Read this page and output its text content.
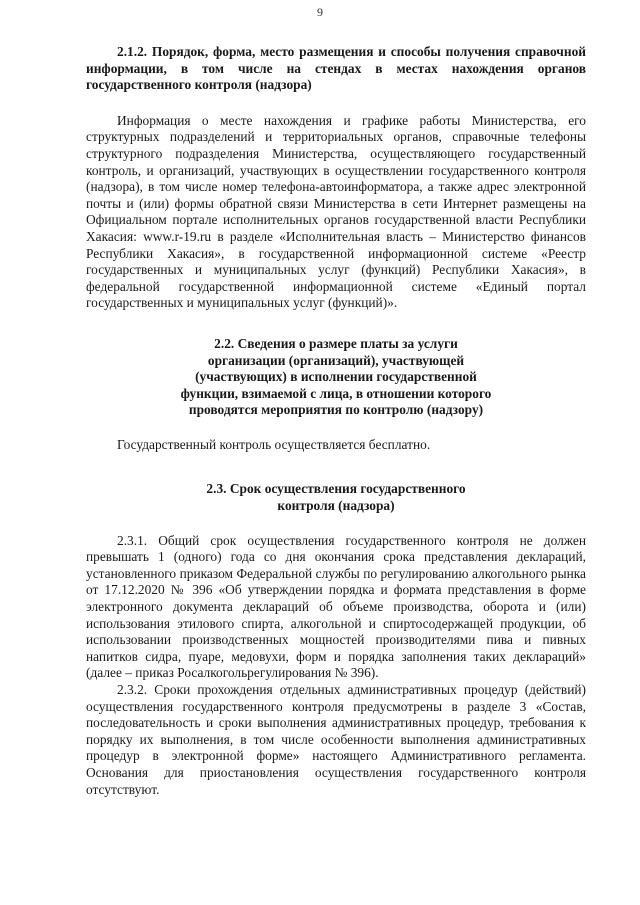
9

2.1.2. Порядок, форма, место размещения и способы получения справочной информации, в том числе на стендах в местах нахождения органов государственного контроля (надзора)

Информация о месте нахождения и графике работы Министерства, его структурных подразделений и территориальных органов, справочные телефоны структурного подразделения Министерства, осуществляющего государственный контроль, и организаций, участвующих в осуществлении государственного контроля (надзора), в том числе номер телефона-автоинформатора, а также адрес электронной почты и (или) формы обратной связи Министерства в сети Интернет размещены на Официальном портале исполнительных органов государственной власти Республики Хакасия: www.r-19.ru в разделе «Исполнительная власть – Министерство финансов Республики Хакасия», в государственной информационной системе «Реестр государственных и муниципальных услуг (функций) Республики Хакасия», в федеральной государственной информационной системе «Единый портал государственных и муниципальных услуг (функций)».

2.2. Сведения о размере платы за услуги организации (организаций), участвующей (участвующих) в исполнении государственной функции, взимаемой с лица, в отношении которого проводятся мероприятия по контролю (надзору)

Государственный контроль осуществляется бесплатно.

2.3. Срок осуществления государственного контроля (надзора)

2.3.1. Общий срок осуществления государственного контроля не должен превышать 1 (одного) года со дня окончания срока представления деклараций, установленного приказом Федеральной службы по регулированию алкогольного рынка от 17.12.2020 № 396 «Об утверждении порядка и формата представления в форме электронного документа деклараций об объеме производства, оборота и (или) использования этилового спирта, алкогольной и спиртосодержащей продукции, об использовании производственных мощностей производителями пива и пивных напитков сидра, пуаре, медовухи, форм и порядка заполнения таких деклараций» (далее – приказ Росалкогольрегулирования № 396).

2.3.2. Сроки прохождения отдельных административных процедур (действий) осуществления государственного контроля предусмотрены в разделе 3 «Состав, последовательность и сроки выполнения административных процедур, требования к порядку их выполнения, в том числе особенности выполнения административных процедур в электронной форме» настоящего Административного регламента. Основания для приостановления осуществления государственного контроля отсутствуют.
